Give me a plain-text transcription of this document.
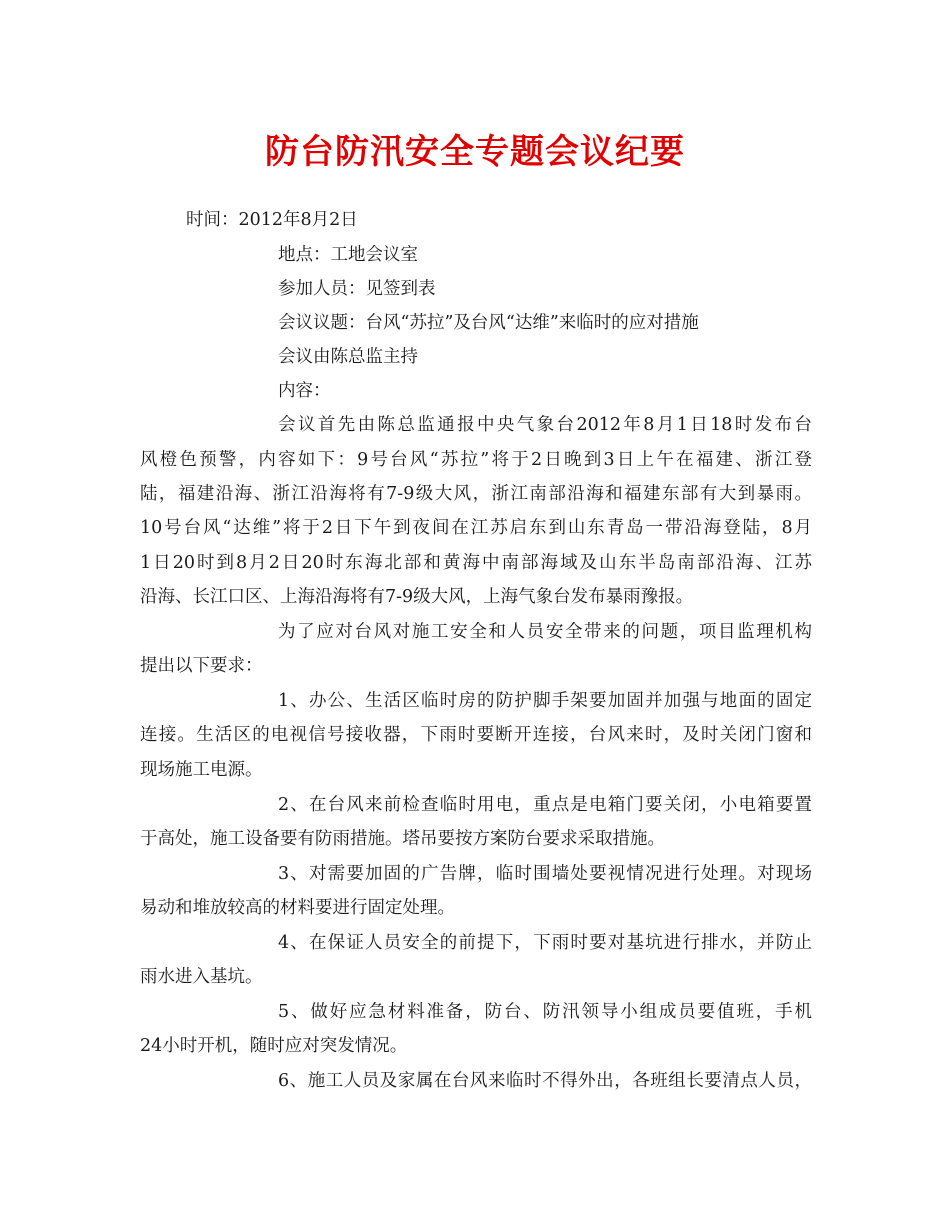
防台防汛安全专题会议纪要
时间：2012年8月2日
地点：工地会议室
参加人员：见签到表
会议议题：台风“苏拉”及台风“达维”来临时的应对措施
会议由陈总监主持
内容：
会议首先由陈总监通报中央气象台2012年8月1日18时发布台
风橙色预警，内容如下：9号台风“苏拉”将于2日晚到3日上午在福建、浙江登
陆，福建沿海、浙江沿海将有7-9级大风，浙江南部沿海和福建东部有大到暴雨。
10号台风“达维”将于2日下午到夜间在江苏启东到山东青岛一带沿海登陆，8月
1日20时到8月2日20时东海北部和黄海中南部海域及山东半岛南部沿海、江苏
沿海、长江口区、上海沿海将有7-9级大风，上海气象台发布暴雨豫报。
为了应对台风对施工安全和人员安全带来的问题，项目监理机构
提出以下要求：
1、办公、生活区临时房的防护脚手架要加固并加强与地面的固定
连接。生活区的电视信号接收器，下雨时要断开连接，台风来时，及时关闭门窗和
现场施工电源。
2、在台风来前检查临时用电，重点是电箱门要关闭，小电箱要置
于高处，施工设备要有防雨措施。塔吊要按方案防台要求采取措施。
3、对需要加固的广告牌，临时围墙处要视情况进行处理。对现场
易动和堆放较高的材料要进行固定处理。
4、在保证人员安全的前提下，下雨时要对基坑进行排水，并防止
雨水进入基坑。
5、做好应急材料准备，防台、防汛领导小组成员要值班，手机
24小时开机，随时应对突发情况。
6、施工人员及家属在台风来临时不得外出，各班组长要清点人员，
